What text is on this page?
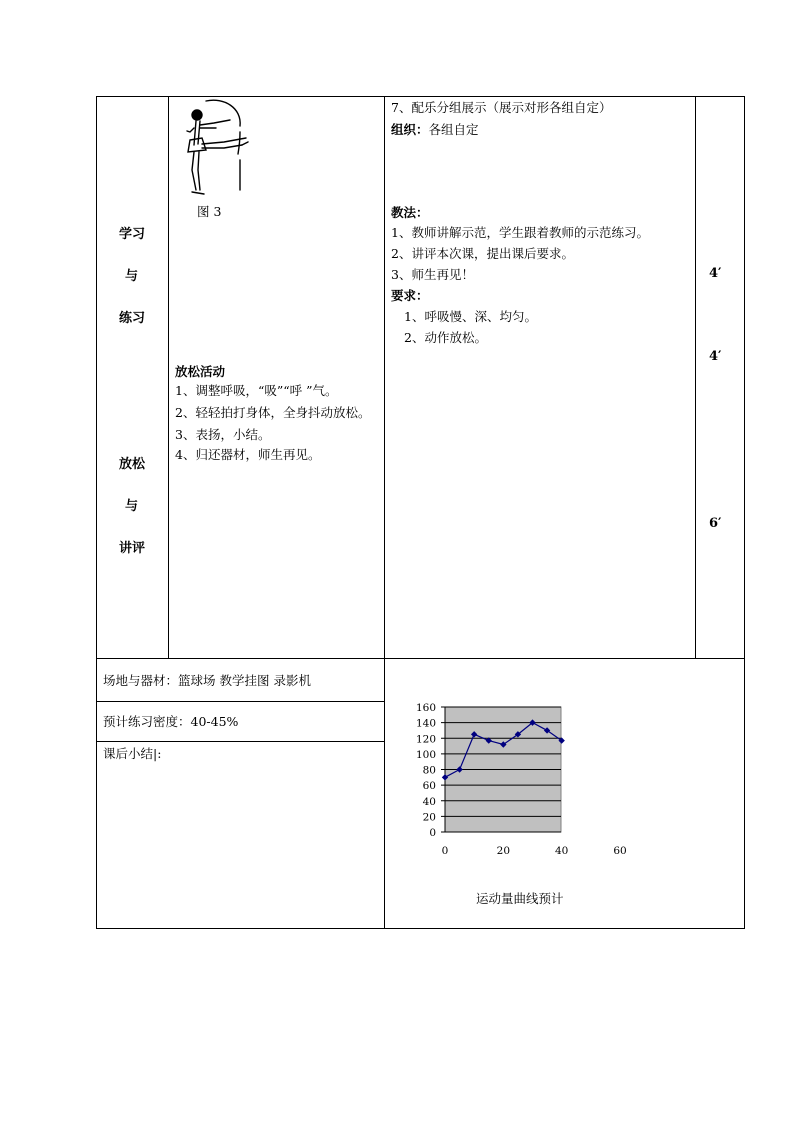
学习
与
练习
放松
与
讲评
图 3
放松活动
1、调整呼吸，“吸”“呼 ”气。
2、轻轻拍打身体，全身抖动放松。
3、表扬，小结。
4、归还器材，师生再见。
7、配乐分组展示（展示对形各组自定）
组织：各组自定
教法：
1、教师讲解示范，学生跟着教师的示范练习。
2、讲评本次课，提出课后要求。
3、师生再见！
要求：
1、呼吸慢、深、均匀。
2、动作放松。
4′
4′
6′
场地与器材：篮球场 教学挂图 录影机
预计练习密度：40-45%
课后小结|:
0
20
40
60
80
100
120
140
160
0	20	40	60
运动量曲线预计
